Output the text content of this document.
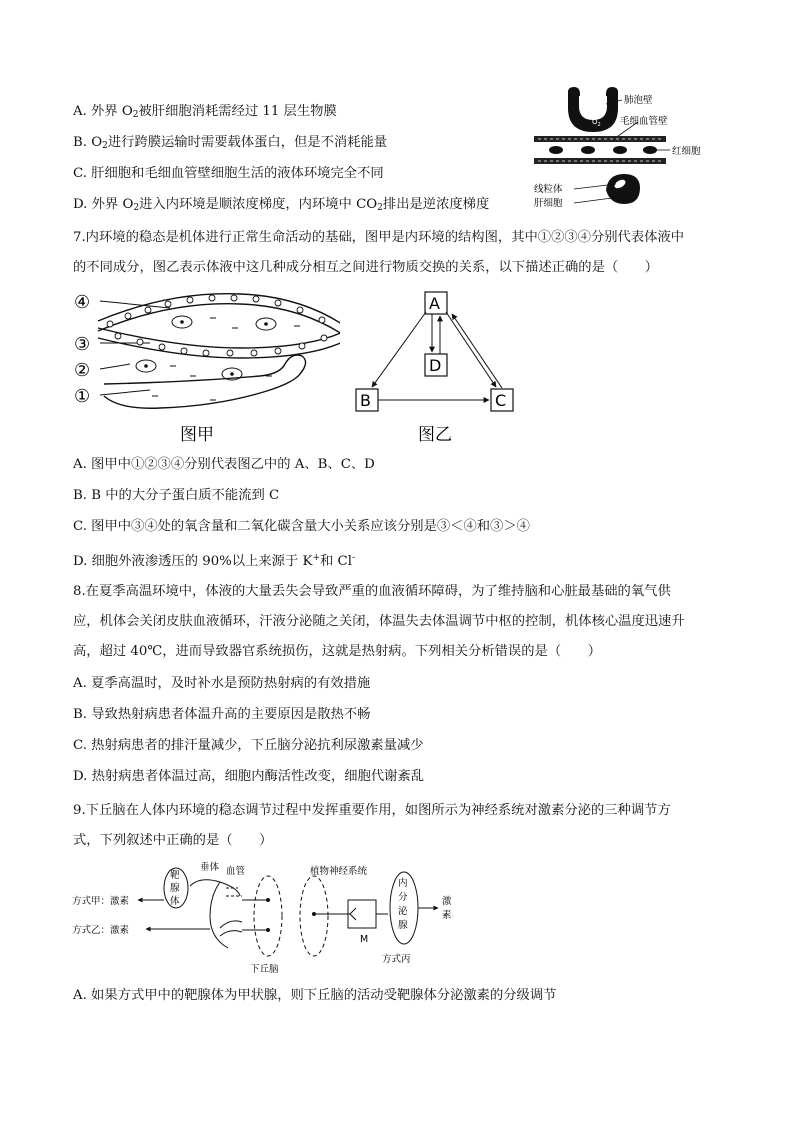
A. 外界 $O_2$被肝细胞消耗需经过 11 层生物膜
B. $O_2$进行跨膜运输时需要载体蛋白，但是不消耗能量
C. 肝细胞和毛细血管壁细胞生活的液体环境完全不同
D. 外界 $O_2$进入内环境是顺浓度梯度，内环境中 $CO_2$排出是逆浓度梯度
$O_2$
肺泡壁
毛细血管壁
红细胞
线粒体
肝细胞
7.内环境的稳态是机体进行正常生命活动的基础，图甲是内环境的结构图，其中①②③④分别代表体液中
的不同成分，图乙表示体液中这几种成分相互之间进行物质交换的关系，以下描述正确的是（　　）
④
③
②
①
图甲
A
D
B	C
图乙
A. 图甲中①②③④分别代表图乙中的 A、B、C、D
B. B 中的大分子蛋白质不能流到 C
C. 图甲中③④处的氧含量和二氧化碳含量大小关系应该分别是③＜④和③＞④
D. 细胞外液渗透压的 90%以上来源于 K+和 Cl-
8.在夏季高温环境中，体液的大量丢失会导致严重的血液循环障碍，为了维持脑和心脏最基础的氧气供
应，机体会关闭皮肤血液循环，汗液分泌随之关闭，体温失去体温调节中枢的控制，机体核心温度迅速升
高，超过 40℃，进而导致器官系统损伤，这就是热射病。下列相关分析错误的是（　　）
A. 夏季高温时，及时补水是预防热射病的有效措施
B. 导致热射病患者体温升高的主要原因是散热不畅
C. 热射病患者的排汗量减少，下丘脑分泌抗利尿激素量减少
D. 热射病患者体温过高，细胞内酶活性改变，细胞代谢紊乱
9.下丘脑在人体内环境的稳态调节过程中发挥重要作用，如图所示为神经系统对激素分泌的三种调节方
式，下列叙述中正确的是（　　）
方式甲：激素
方式乙：激素
靶
腺
体
垂体 血管
下丘脑
植物神经系统
M
内
分
泌
腺
激
素
方式丙
A. 如果方式甲中的靶腺体为甲状腺，则下丘脑的活动受靶腺体分泌激素的分级调节
